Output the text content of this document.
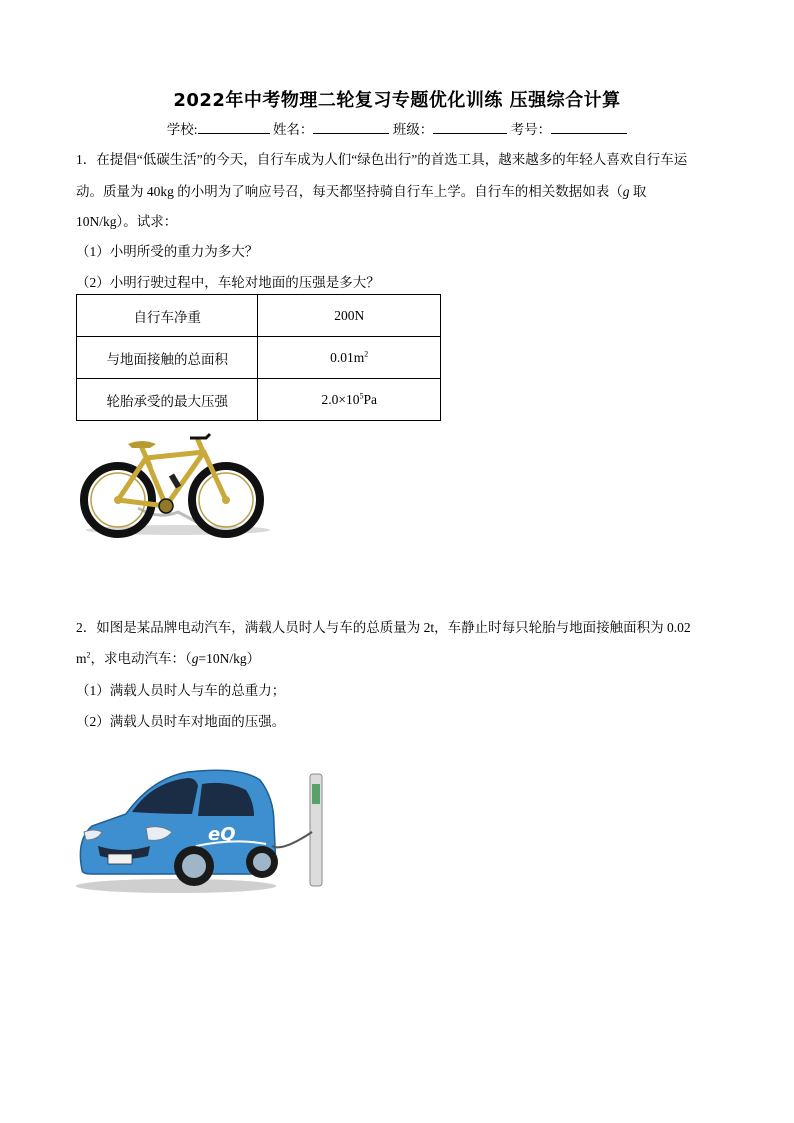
2022年中考物理二轮复习专题优化训练 压强综合计算
学校:	姓名：	班级：	考号：
1．在提倡“低碳生活”的今天，自行车成为人们“绿色出行”的首选工具，越来越多的年轻人喜欢自行车运
动。质量为 40kg 的小明为了响应号召，每天都坚持骑自行车上学。自行车的相关数据如表（g 取
10N/kg）。试求：
（1）小明所受的重力为多大？
（2）小明行驶过程中，车轮对地面的压强是多大？
自行车净重	200N
与地面接触的总面积	$0.01m^2$
轮胎承受的最大压强	$2.0\times 10^5Pa$
2．如图是某品牌电动汽车，满载人员时人与车的总质量为 2t，车静止时每只轮胎与地面接触面积为 0.02
$m^2$，求电动汽车：（g=10N/kg）
（1）满载人员时人与车的总重力；
（2）满载人员时车对地面的压强。
eQ
